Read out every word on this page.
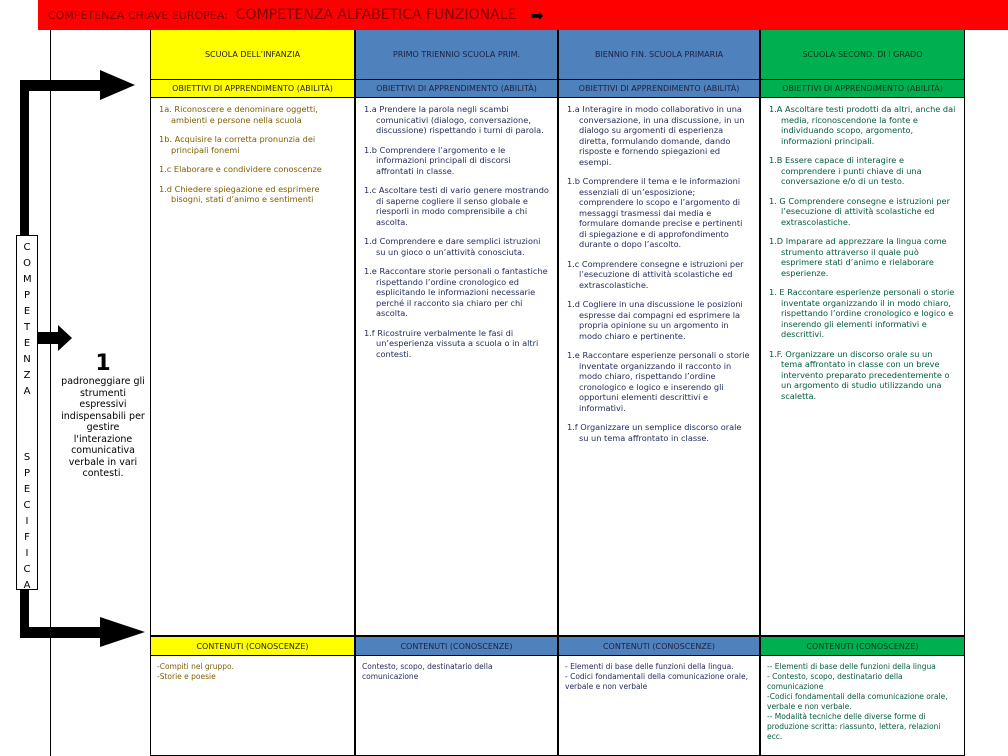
COMPETENZA CHIAVE EUROPEA: COMPETENZA ALFABETICA FUNZIONALE ➡
COMPETENZA
SPECIFICA
1
padroneggiare gli strumenti espressivi indispensabili per gestire l'interazione comunicativa verbale in vari contesti.
SCUOLA DELL’INFANZIA
OBIETTIVI DI APPRENDIMENTO (ABILITÀ)

1a. Riconoscere e denominare oggetti, ambienti e persone nella scuola

1b. Acquisire la corretta pronunzia dei principali fonemi

1.c Elaborare e condividere conoscenze

1.d Chiedere spiegazione ed esprimere bisogni, stati d’animo e sentimenti

CONTENUTI (CONOSCENZE)
-Compiti nel gruppo.
-Storie e poesie
PRIMO TRIENNIO SCUOLA PRIM.
OBIETTIVI DI APPRENDIMENTO (ABILITÀ)

1.a Prendere la parola negli scambi comunicativi (dialogo, conversazione, discussione) rispettando i turni di parola.

1.b Comprendere l’argomento e le informazioni principali di discorsi affrontati in classe.

1.c Ascoltare testi di vario genere mostrando di saperne cogliere il senso globale e riesporli in modo comprensibile a chi ascolta.

1.d Comprendere e dare semplici istruzioni su un gioco o un’attività conosciuta.

1.e Raccontare storie personali o fantastiche rispettando l’ordine cronologico ed esplicitando le informazioni necessarie perché il racconto sia chiaro per chi ascolta.

1.f Ricostruire verbalmente le fasi di un’esperienza vissuta a scuola o in altri contesti.

CONTENUTI (CONOSCENZE)
Contesto, scopo, destinatario della comunicazione
BIENNIO FIN. SCUOLA PRIMARIA
OBIETTIVI DI APPRENDIMENTO (ABILITÀ)

1.a Interagire in modo collaborativo in una conversazione, in una discussione, in un dialogo su argomenti di esperienza diretta, formulando domande, dando risposte e fornendo spiegazioni ed esempi.

1.b Comprendere il tema e le informazioni essenziali di un’esposizione; comprendere lo scopo e l’argomento di messaggi trasmessi dai media e formulare domande precise e pertinenti di spiegazione e di approfondimento durante o dopo l’ascolto.

1.c Comprendere consegne e istruzioni per l’esecuzione di attività scolastiche ed extrascolastiche.

1.d Cogliere in una discussione le posizioni espresse dai compagni ed esprimere la propria opinione su un argomento in modo chiaro e pertinente.

1.e Raccontare esperienze personali o storie inventate organizzando il racconto in modo chiaro, rispettando l’ordine cronologico e logico e inserendo gli opportuni elementi descrittivi e informativi.

1.f Organizzare un semplice discorso orale su un tema affrontato in classe.

CONTENUTI (CONOSCENZE)
- Elementi di base delle funzioni della lingua.
- Codici fondamentali della comunicazione orale, verbale e non verbale
SCUOLA SECOND. DI I GRADO
OBIETTIVI DI APPRENDIMENTO (ABILITÀ)

1.A Ascoltare testi prodotti da altri, anche dai media, riconoscendone la fonte e individuando scopo, argomento, informazioni principali.

1.B Essere capace di interagire e comprendere i punti chiave di una conversazione e/o di un testo.

1. G Comprendere consegne e istruzioni per l’esecuzione di attività scolastiche ed extrascolastiche.

1.D Imparare ad apprezzare la lingua come strumento attraverso il quale può esprimere stati d’animo e rielaborare esperienze.

1. E Raccontare esperienze personali o storie inventate organizzando il in modo chiaro, rispettando l’ordine cronologico e logico e inserendo gli elementi informativi e descrittivi.

1.F. Organizzare un discorso orale su un tema affrontato in classe con un breve intervento preparato precedentemente o un argomento di studio utilizzando una scaletta.

CONTENUTI (CONOSCENZE)
-- Elementi di base delle funzioni della lingua
- Contesto, scopo, destinatario della comunicazione
-Codici fondamentali della comunicazione orale, verbale e non verbale.
-- Modalità tecniche delle diverse forme di produzione scritta: riassunto, lettera, relazioni ecc.
